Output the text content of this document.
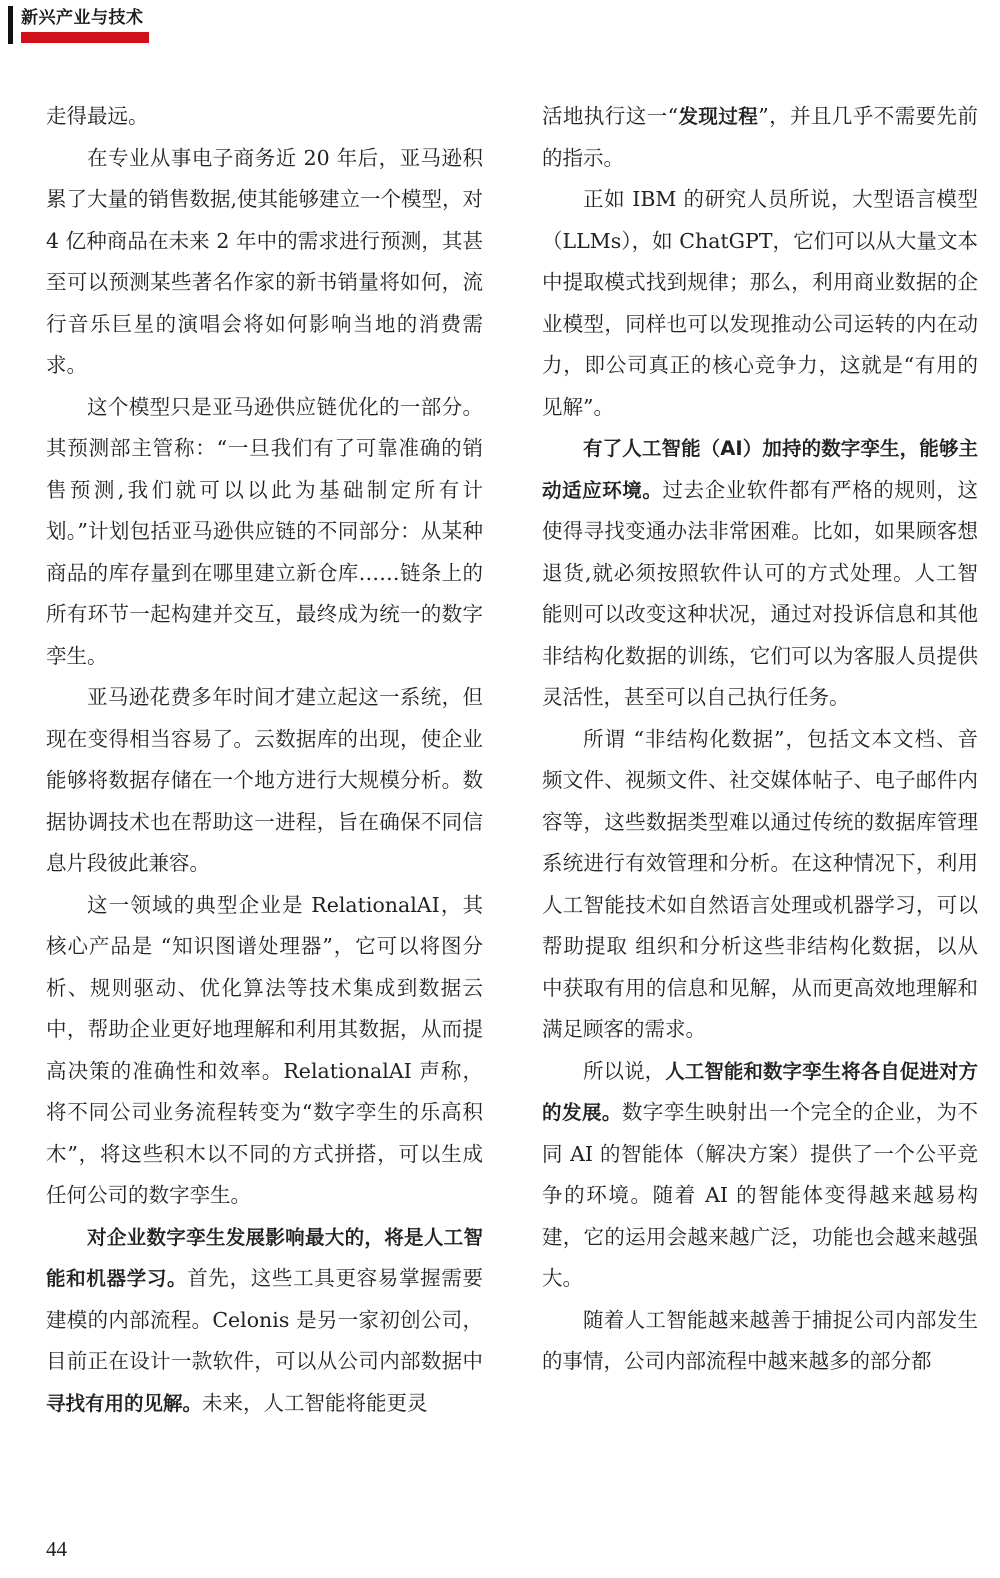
新兴产业与技术

走得最远。

在专业从事电子商务近 20 年后，亚马逊积累了大量的销售数据,使其能够建立一个模型，对 4 亿种商品在未来 2 年中的需求进行预测，其甚至可以预测某些著名作家的新书销量将如何，流行音乐巨星的演唱会将如何影响当地的消费需求。

这个模型只是亚马逊供应链优化的一部分。其预测部主管称：“一旦我们有了可靠准确的销售预测,我们就可以以此为基础制定所有计划。”计划包括亚马逊供应链的不同部分：从某种商品的库存量到在哪里建立新仓库……链条上的所有环节一起构建并交互，最终成为统一的数字孪生。

亚马逊花费多年时间才建立起这一系统，但现在变得相当容易了。云数据库的出现，使企业能够将数据存储在一个地方进行大规模分析。数据协调技术也在帮助这一进程，旨在确保不同信息片段彼此兼容。

这一领域的典型企业是 RelationalAI，其核心产品是 “知识图谱处理器”，它可以将图分析、规则驱动、优化算法等技术集成到数据云中，帮助企业更好地理解和利用其数据，从而提高决策的准确性和效率。RelationalAI 声称，将不同公司业务流程转变为“数字孪生的乐高积木”，将这些积木以不同的方式拼搭，可以生成任何公司的数字孪生。

对企业数字孪生发展影响最大的，将是人工智能和机器学习。首先，这些工具更容易掌握需要建模的内部流程。Celonis 是另一家初创公司，目前正在设计一款软件，可以从公司内部数据中寻找有用的见解。未来，人工智能将能更灵

活地执行这一“发现过程”，并且几乎不需要先前的指示。

正如 IBM 的研究人员所说，大型语言模型（LLMs），如 ChatGPT，它们可以从大量文本中提取模式找到规律；那么，利用商业数据的企业模型，同样也可以发现推动公司运转的内在动力，即公司真正的核心竞争力，这就是“有用的见解”。

有了人工智能（AI）加持的数字孪生，能够主动适应环境。过去企业软件都有严格的规则，这使得寻找变通办法非常困难。比如，如果顾客想退货,就必须按照软件认可的方式处理。人工智能则可以改变这种状况，通过对投诉信息和其他非结构化数据的训练，它们可以为客服人员提供灵活性，甚至可以自己执行任务。

所谓 “非结构化数据”，包括文本文档、音频文件、视频文件、社交媒体帖子、电子邮件内容等，这些数据类型难以通过传统的数据库管理系统进行有效管理和分析。在这种情况下，利用人工智能技术如自然语言处理或机器学习，可以帮助提取 组织和分析这些非结构化数据，以从中获取有用的信息和见解，从而更高效地理解和满足顾客的需求。

所以说，人工智能和数字孪生将各自促进对方的发展。数字孪生映射出一个完全的企业，为不同 AI 的智能体（解决方案）提供了一个公平竞争的环境。随着 AI 的智能体变得越来越易构建，它的运用会越来越广泛，功能也会越来越强大。

随着人工智能越来越善于捕捉公司内部发生的事情，公司内部流程中越来越多的部分都

44
